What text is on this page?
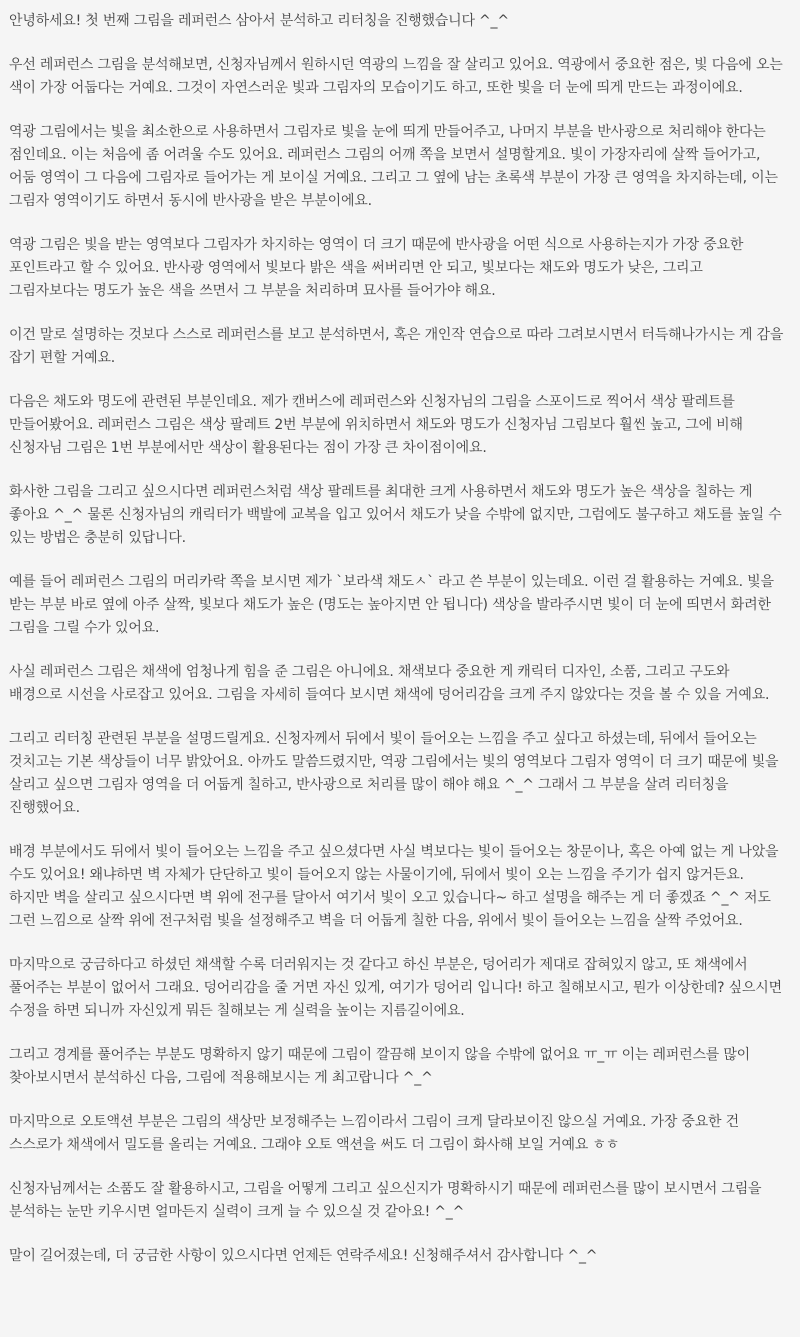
안녕하세요! 첫 번째 그림을 레퍼런스 삼아서 분석하고 리터칭을 진행했습니다 ^_^

우선 레퍼런스 그림을 분석해보면, 신청자님께서 원하시던 역광의 느낌을 잘 살리고 있어요. 역광에서 중요한 점은, 빛 다음에 오는 색이 가장 어둡다는 거예요. 그것이 자연스러운 빛과 그림자의 모습이기도 하고, 또한 빛을 더 눈에 띄게 만드는 과정이에요.

역광 그림에서는 빛을 최소한으로 사용하면서 그림자로 빛을 눈에 띄게 만들어주고, 나머지 부분을 반사광으로 처리해야 한다는 점인데요. 이는 처음에 좀 어려울 수도 있어요. 레퍼런스 그림의 어깨 쪽을 보면서 설명할게요. 빛이 가장자리에 살짝 들어가고, 어둠 영역이 그 다음에 그림자로 들어가는 게 보이실 거예요. 그리고 그 옆에 남는 초록색 부분이 가장 큰 영역을 차지하는데, 이는 그림자 영역이기도 하면서 동시에 반사광을 받은 부분이에요.

역광 그림은 빛을 받는 영역보다 그림자가 차지하는 영역이 더 크기 때문에 반사광을 어떤 식으로 사용하는지가 가장 중요한 포인트라고 할 수 있어요. 반사광 영역에서 빛보다 밝은 색을 써버리면 안 되고, 빛보다는 채도와 명도가 낮은, 그리고 그림자보다는 명도가 높은 색을 쓰면서 그 부분을 처리하며 묘사를 들어가야 해요.

이건 말로 설명하는 것보다 스스로 레퍼런스를 보고 분석하면서, 혹은 개인작 연습으로 따라 그려보시면서 터득해나가시는 게 감을 잡기 편할 거예요.

다음은 채도와 명도에 관련된 부분인데요. 제가 캔버스에 레퍼런스와 신청자님의 그림을 스포이드로 찍어서 색상 팔레트를 만들어봤어요. 레퍼런스 그림은 색상 팔레트 2번 부분에 위치하면서 채도와 명도가 신청자님 그림보다 훨씬 높고, 그에 비해 신청자님 그림은 1번 부분에서만 색상이 활용된다는 점이 가장 큰 차이점이에요.

화사한 그림을 그리고 싶으시다면 레퍼런스처럼 색상 팔레트를 최대한 크게 사용하면서 채도와 명도가 높은 색상을 칠하는 게 좋아요 ^_^ 물론 신청자님의 캐릭터가 백발에 교복을 입고 있어서 채도가 낮을 수밖에 없지만, 그럼에도 불구하고 채도를 높일 수 있는 방법은 충분히 있답니다.

예를 들어 레퍼런스 그림의 머리카락 쪽을 보시면 제가 `보라색 채도ㅅ` 라고 쓴 부분이 있는데요. 이런 걸 활용하는 거예요. 빛을 받는 부분 바로 옆에 아주 살짝, 빛보다 채도가 높은 (명도는 높아지면 안 됩니다) 색상을 발라주시면 빛이 더 눈에 띄면서 화려한 그림을 그릴 수가 있어요.

사실 레퍼런스 그림은 채색에 엄청나게 힘을 준 그림은 아니에요. 채색보다 중요한 게 캐릭터 디자인, 소품, 그리고 구도와 배경으로 시선을 사로잡고 있어요. 그림을 자세히 들여다 보시면 채색에 덩어리감을 크게 주지 않았다는 것을 볼 수 있을 거예요.

그리고 리터칭 관련된 부분을 설명드릴게요. 신청자께서 뒤에서 빛이 들어오는 느낌을 주고 싶다고 하셨는데, 뒤에서 들어오는 것치고는 기본 색상들이 너무 밝았어요. 아까도 말씀드렸지만, 역광 그림에서는 빛의 영역보다 그림자 영역이 더 크기 때문에 빛을 살리고 싶으면 그림자 영역을 더 어둡게 칠하고, 반사광으로 처리를 많이 해야 해요 ^_^ 그래서 그 부분을 살려 리터칭을 진행했어요.

배경 부분에서도 뒤에서 빛이 들어오는 느낌을 주고 싶으셨다면 사실 벽보다는 빛이 들어오는 창문이나, 혹은 아예 없는 게 나았을 수도 있어요! 왜냐하면 벽 자체가 단단하고 빛이 들어오지 않는 사물이기에, 뒤에서 빛이 오는 느낌을 주기가 쉽지 않거든요. 하지만 벽을 살리고 싶으시다면 벽 위에 전구를 달아서 여기서 빛이 오고 있습니다~ 하고 설명을 해주는 게 더 좋겠죠 ^_^ 저도 그런 느낌으로 살짝 위에 전구처럼 빛을 설정해주고 벽을 더 어둡게 칠한 다음, 위에서 빛이 들어오는 느낌을 살짝 주었어요.

마지막으로 궁금하다고 하셨던 채색할 수록 더러워지는 것 같다고 하신 부분은, 덩어리가 제대로 잡혀있지 않고, 또 채색에서 풀어주는 부분이 없어서 그래요. 덩어리감을 줄 거면 자신 있게, 여기가 덩어리 입니다! 하고 칠해보시고, 뭔가 이상한데? 싶으시면 수정을 하면 되니까 자신있게 뭐든 칠해보는 게 실력을 높이는 지름길이에요.

그리고 경계를 풀어주는 부분도 명확하지 않기 때문에 그림이 깔끔해 보이지 않을 수밖에 없어요 ㅠ_ㅠ 이는 레퍼런스를 많이 찾아보시면서 분석하신 다음, 그림에 적용해보시는 게 최고랍니다 ^_^

마지막으로 오토액션 부분은 그림의 색상만 보정해주는 느낌이라서 그림이 크게 달라보이진 않으실 거예요. 가장 중요한 건 스스로가 채색에서 밀도를 올리는 거예요. 그래야 오토 액션을 써도 더 그림이 화사해 보일 거예요 ㅎㅎ

신청자님께서는 소품도 잘 활용하시고, 그림을 어떻게 그리고 싶으신지가 명확하시기 때문에 레퍼런스를 많이 보시면서 그림을 분석하는 눈만 키우시면 얼마든지 실력이 크게 늘 수 있으실 것 같아요! ^_^

말이 길어졌는데, 더 궁금한 사항이 있으시다면 언제든 연락주세요! 신청해주셔서 감사합니다 ^_^
